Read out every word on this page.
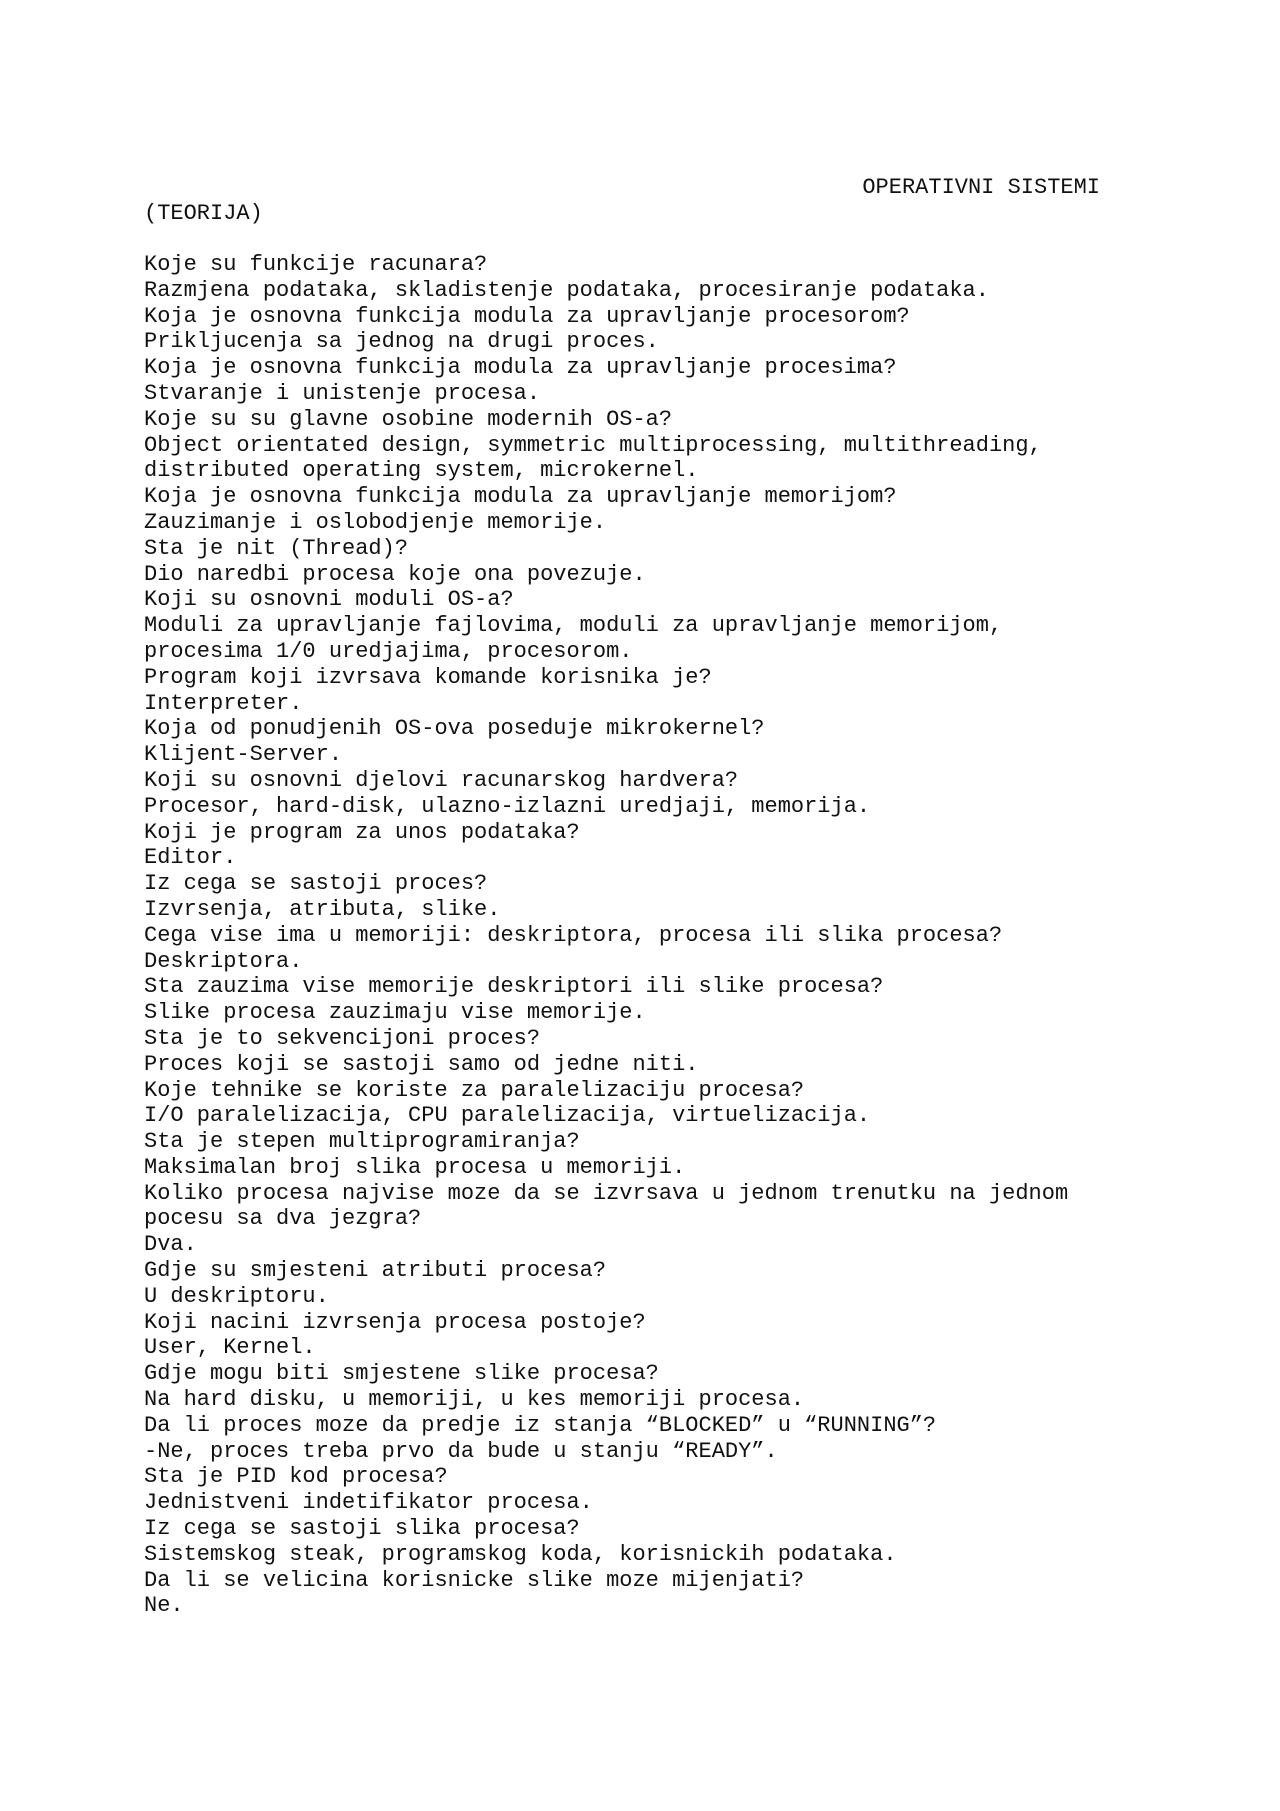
OPERATIVNI SISTEMI
(TEORIJA)
Koje su funkcije racunara?
Razmjena podataka, skladistenje podataka, procesiranje podataka.
Koja je osnovna funkcija modula za upravljanje procesorom?
Prikljucenja sa jednog na drugi proces.
Koja je osnovna funkcija modula za upravljanje procesima?
Stvaranje i unistenje procesa.
Koje su su glavne osobine modernih OS-a?
Object orientated design, symmetric multiprocessing, multithreading,
distributed operating system, microkernel.
Koja je osnovna funkcija modula za upravljanje memorijom?
Zauzimanje i oslobodjenje memorije.
Sta je nit (Thread)?
Dio naredbi procesa koje ona povezuje.
Koji su osnovni moduli OS-a?
Moduli za upravljanje fajlovima, moduli za upravljanje memorijom,
procesima 1/0 uredjajima, procesorom.
Program koji izvrsava komande korisnika je?
Interpreter.
Koja od ponudjenih OS-ova poseduje mikrokernel?
Klijent-Server.
Koji su osnovni djelovi racunarskog hardvera?
Procesor, hard-disk, ulazno-izlazni uredjaji, memorija.
Koji je program za unos podataka?
Editor.
Iz cega se sastoji proces?
Izvrsenja, atributa, slike.
Cega vise ima u memoriji: deskriptora, procesa ili slika procesa?
Deskriptora.
Sta zauzima vise memorije deskriptori ili slike procesa?
Slike procesa zauzimaju vise memorije.
Sta je to sekvencijoni proces?
Proces koji se sastoji samo od jedne niti.
Koje tehnike se koriste za paralelizaciju procesa?
I/O paralelizacija, CPU paralelizacija, virtuelizacija.
Sta je stepen multiprogramiranja?
Maksimalan broj slika procesa u memoriji.
Koliko procesa najvise moze da se izvrsava u jednom trenutku na jednom
pocesu sa dva jezgra?
Dva.
Gdje su smjesteni atributi procesa?
U deskriptoru.
Koji nacini izvrsenja procesa postoje?
User, Kernel.
Gdje mogu biti smjestene slike procesa?
Na hard disku, u memoriji, u kes memoriji procesa.
Da li proces moze da predje iz stanja “BLOCKED” u “RUNNING”?
-Ne, proces treba prvo da bude u stanju “READY”.
Sta je PID kod procesa?
Jednistveni indetifikator procesa.
Iz cega se sastoji slika procesa?
Sistemskog steak, programskog koda, korisnickih podataka.
Da li se velicina korisnicke slike moze mijenjati?
Ne.
